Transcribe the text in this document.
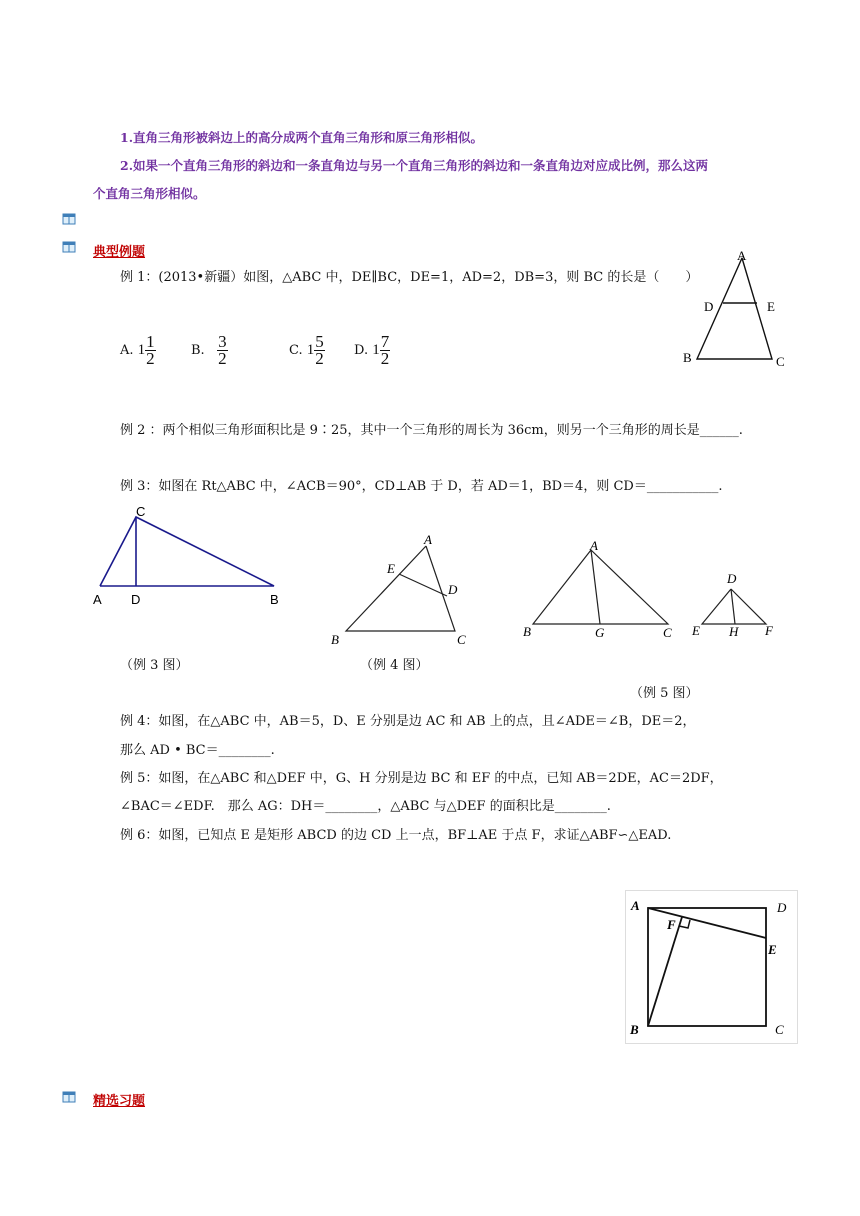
1.直角三角形被斜边上的高分成两个直角三角形和原三角形相似。
2.如果一个直角三角形的斜边和一条直角边与另一个直角三角形的斜边和一条直角边对应成比例，那么这两
个直角三角形相似。
典型例题
例 1：(2013•新疆）如图，△ABC 中，DE∥BC，DE=1，AD=2，DB=3，则 BC 的长是（　　）
A.
$1 \frac{1}{2}$	B.
$\frac{3}{2}$	C.
$1 \frac{5}{2} D$.
$1 \frac{7}{2}$
A
D	E
B	C
例 2 ：两个相似三角形面积比是 9∶25，其中一个三角形的周长为 36cm，则另一个三角形的周长是______.
例 3：如图在 Rt△ABC 中，∠ACB＝90°，CD⊥AB 于 D，若 AD＝1，BD＝4，则 CD＝___________.
C
A D	B
A
E
D
B	C
A
B	G	C
D
E H F
（例 3 图）	（例 4 图）
（例 5 图）
例 4：如图，在△ABC 中，AB＝5，D、E 分别是边 AC 和 AB 上的点，且∠ADE＝∠B，DE＝2，
那么 AD • BC＝________.
例 5：如图，在△ABC 和△DEF 中，G、H 分别是边 BC 和 EF 的中点，已知 AB＝2DE，AC＝2DF，
∠BAC＝∠EDF.　那么 AG：DH＝________，△ABC 与△DEF 的面积比是________.
例 6：如图，已知点 E 是矩形 ABCD 的边 CD 上一点，BF⊥AE 于点 F，求证△ABF∽△EAD.
A	D
F
E
B	C
精选习题
